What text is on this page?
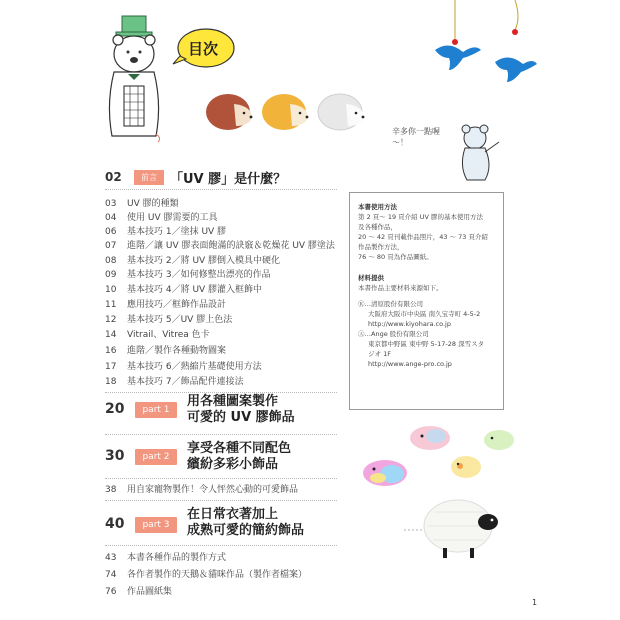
目次
辛多你一點喔～！
02	前言	「UV 膠」是什麼？
03 UV 膠的種類
04 使用 UV 膠需要的工具
06 基本技巧 1／塗抹 UV 膠
07 進階／讓 UV 膠表面飽滿的訣竅＆乾燥花 UV 膠塗法
08 基本技巧 2／將 UV 膠倒入模具中硬化
09 基本技巧 3／如何修整出漂亮的作品
10 基本技巧 4／將 UV 膠灌入框飾中
11 應用技巧／框飾作品設計
12 基本技巧 5／UV 膠上色法
14 Vitrail、Vitrea 色卡
16 進階／製作各種動物圖案
17 基本技巧 6／熱縮片基礎使用方法
18 基本技巧 7／飾品配件連接法
20	part 1
用各種圖案製作
可愛的 UV 膠飾品
30	part 2
享受各種不同配色
繽紛多彩小飾品
38 用自家寵物製作！令人怦然心動的可愛飾品
40	part 3
在日常衣著加上
成熟可愛的簡約飾品
43 本書各種作品的製作方式
74 各作者製作的天鵝＆貓咪作品（製作者檔案）
76 作品圖紙集
本書使用方法
第 2 頁～ 19 頁介紹 UV 膠的基本使用方法
及各種作品，
20 ～ 42 頁刊載作品照片，43 ～ 73 頁介紹
作品製作方法，
76 ～ 80 頁為作品圖紙。
材料提供
本書作品主要材料來源如下。
Ⓚ…清原股份有限公司
大阪府大阪市中央區 南久宝寺町 4-5-2
http://www.kiyohara.co.jp
Ⓐ…Ange 股份有限公司
東京都中野區 東中野 5-17-28 深雪スタ
ジオ 1F
http://www.ange-pro.co.jp
1
